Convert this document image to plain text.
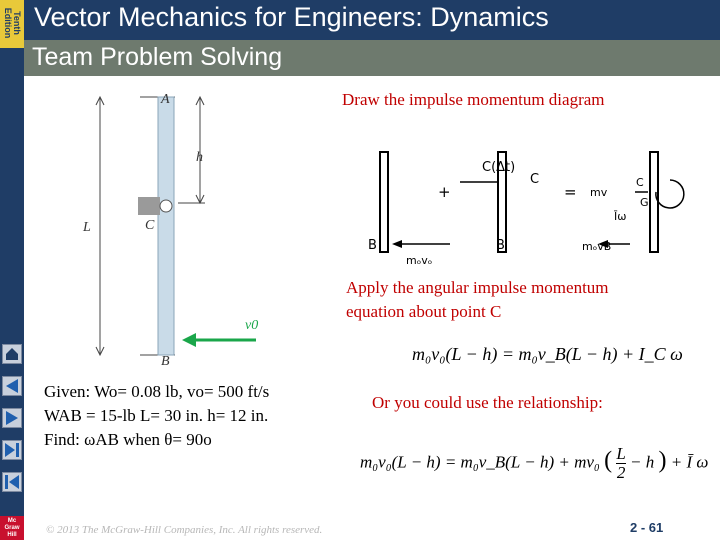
Tenth Edition Vector Mechanics for Engineers: Dynamics
Team Problem Solving
Mc Graw Hill
A
h
L	C
B
v0
Draw the impulse momentum diagram
Apply the angular impulse momentum
equation about point C
Or you could use the relationship:
C(Δt)
C
B	B
+	=
mₒvₒ
mₒvB
mv
Īω
C
G
m₀v₀(L − h) = m₀v_B(L − h) + I_C ω
m₀v₀(L − h) = m₀v_B(L − h) + mv₀ ( $\frac{L}{2} - h$ ) + Ī ω
Given: Wo= 0.08 lb, vo= 500 ft/s
WAB = 15-lb L= 30 in. h= 12 in.
Find: ωAB when θ= 90o
© 2013 The McGraw-Hill Companies, Inc. All rights reserved.	2 - 61
